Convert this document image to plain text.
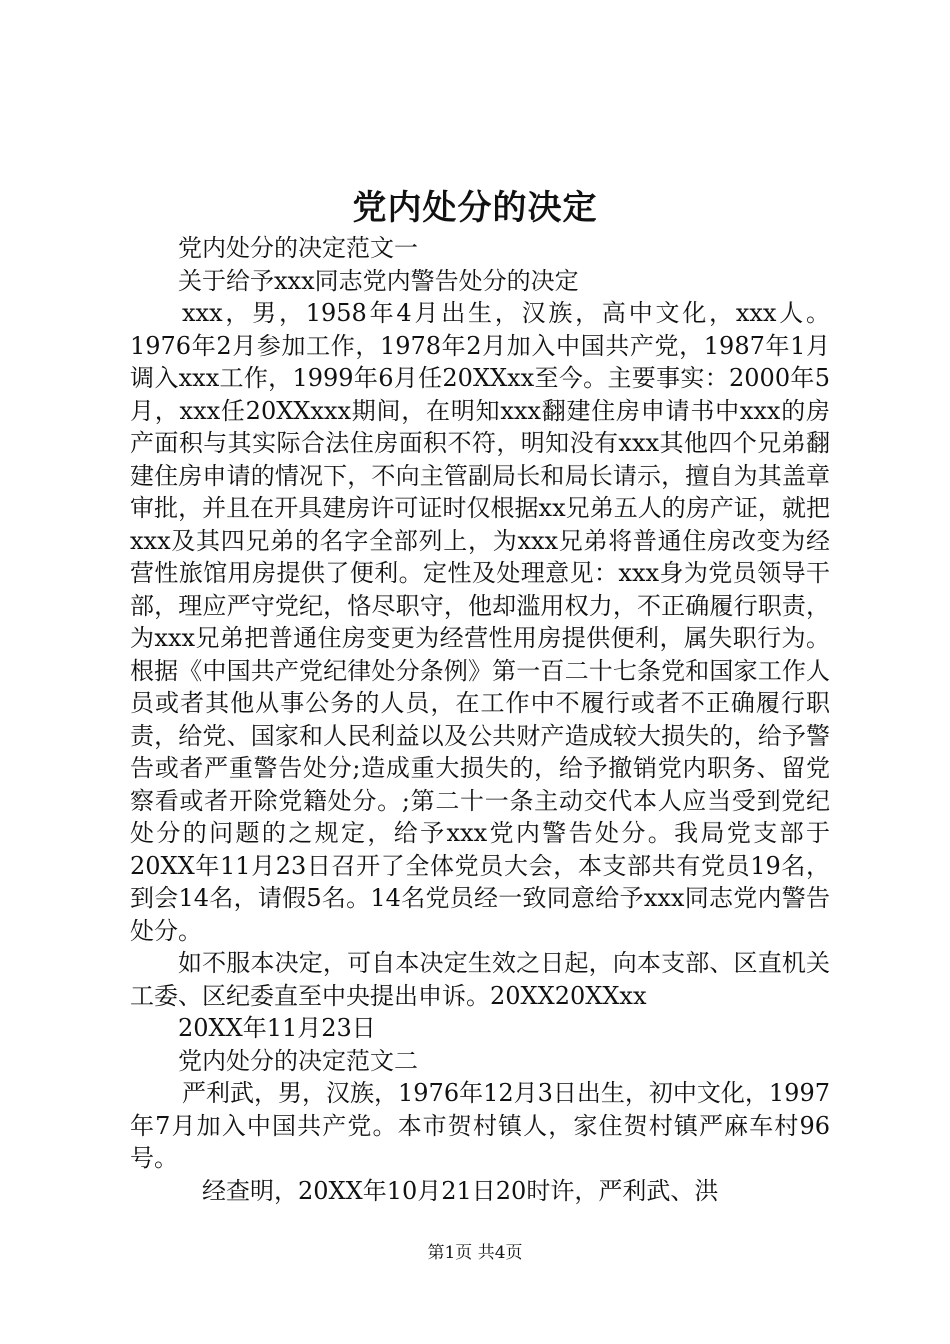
党内处分的决定

党内处分的决定范文一

关于给予xxx同志党内警告处分的决定

xxx，男，1958年4月出生，汉族，高中文化，xxx人。1976年2月参加工作，1978年2月加入中国共产党，1987年1月调入xxx工作，1999年6月任20XXxx至今。主要事实：2000年5月，xxx任20XXxxx期间，在明知xxx翻建住房申请书中xxx的房产面积与其实际合法住房面积不符，明知没有xxx其他四个兄弟翻建住房申请的情况下，不向主管副局长和局长请示，擅自为其盖章审批，并且在开具建房许可证时仅根据xx兄弟五人的房产证，就把xxx及其四兄弟的名字全部列上，为xxx兄弟将普通住房改变为经营性旅馆用房提供了便利。定性及处理意见：xxx身为党员领导干部，理应严守党纪，恪尽职守，他却滥用权力，不正确履行职责，为xxx兄弟把普通住房变更为经营性用房提供便利，属失职行为。根据《中国共产党纪律处分条例》第一百二十七条党和国家工作人员或者其他从事公务的人员，在工作中不履行或者不正确履行职责，给党、国家和人民利益以及公共财产造成较大损失的，给予警告或者严重警告处分;造成重大损失的，给予撤销党内职务、留党察看或者开除党籍处分。;第二十一条主动交代本人应当受到党纪处分的问题的之规定，给予xxx党内警告处分。我局党支部于20XX年11月23日召开了全体党员大会，本支部共有党员19名，到会14名，请假5名。14名党员经一致同意给予xxx同志党内警告处分。

如不服本决定，可自本决定生效之日起，向本支部、区直机关工委、区纪委直至中央提出申诉。20XX20XXxx

20XX年11月23日

党内处分的决定范文二

严利武，男，汉族，1976年12月3日出生，初中文化，1997年7月加入中国共产党。本市贺村镇人，家住贺村镇严麻车村96号。

经查明，20XX年10月21日20时许，严利武、洪

第1页 共4页
